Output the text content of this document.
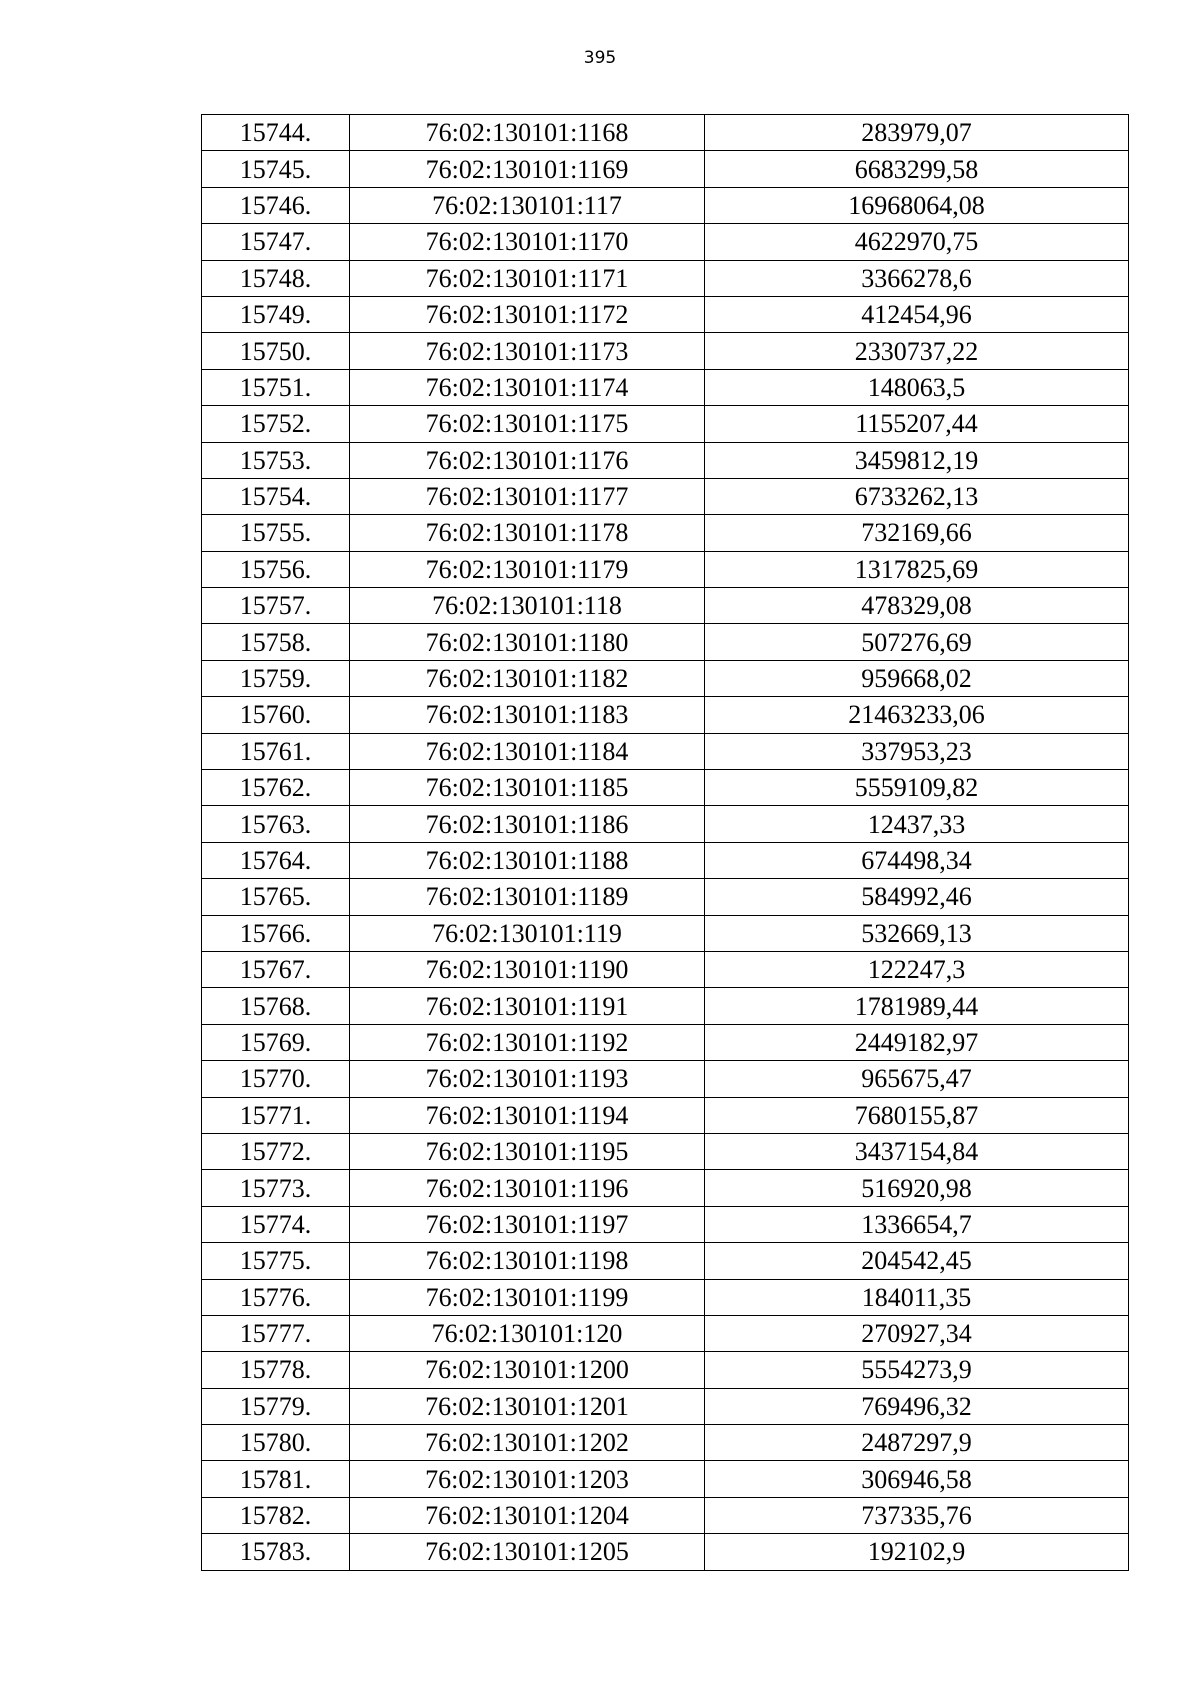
395
15744.	76:02:130101:1168	283979,07
15745.	76:02:130101:1169	6683299,58
15746.	76:02:130101:117	16968064,08
15747.	76:02:130101:1170	4622970,75
15748.	76:02:130101:1171	3366278,6
15749.	76:02:130101:1172	412454,96
15750.	76:02:130101:1173	2330737,22
15751.	76:02:130101:1174	148063,5
15752.	76:02:130101:1175	1155207,44
15753.	76:02:130101:1176	3459812,19
15754.	76:02:130101:1177	6733262,13
15755.	76:02:130101:1178	732169,66
15756.	76:02:130101:1179	1317825,69
15757.	76:02:130101:118	478329,08
15758.	76:02:130101:1180	507276,69
15759.	76:02:130101:1182	959668,02
15760.	76:02:130101:1183	21463233,06
15761.	76:02:130101:1184	337953,23
15762.	76:02:130101:1185	5559109,82
15763.	76:02:130101:1186	12437,33
15764.	76:02:130101:1188	674498,34
15765.	76:02:130101:1189	584992,46
15766.	76:02:130101:119	532669,13
15767.	76:02:130101:1190	122247,3
15768.	76:02:130101:1191	1781989,44
15769.	76:02:130101:1192	2449182,97
15770.	76:02:130101:1193	965675,47
15771.	76:02:130101:1194	7680155,87
15772.	76:02:130101:1195	3437154,84
15773.	76:02:130101:1196	516920,98
15774.	76:02:130101:1197	1336654,7
15775.	76:02:130101:1198	204542,45
15776.	76:02:130101:1199	184011,35
15777.	76:02:130101:120	270927,34
15778.	76:02:130101:1200	5554273,9
15779.	76:02:130101:1201	769496,32
15780.	76:02:130101:1202	2487297,9
15781.	76:02:130101:1203	306946,58
15782.	76:02:130101:1204	737335,76
15783.	76:02:130101:1205	192102,9
